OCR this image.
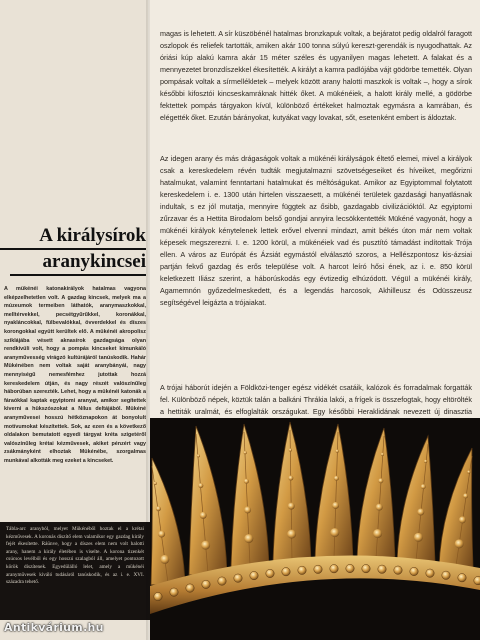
A királysírok
aranykincsei

A mükénéi katonakirályok hatalmas vagyona elképzelhetetlen volt. A gazdag kincsek, melyek ma a múzeumok termeiben láthatók, aranymaszkokkal, melltérvekkel, pecsétgyűrűkkel, koronákkal, nyakláncokkal, fülbevalókkal, övverdekkel és díszes korongokkal együtt kerültek elő. A mükénéi akropolisz sziklájába vésett aknasírok gazdagsága olyan rendkívüli volt, hogy a pompás kincseket kimunkáló aranyművesség virágzó kultúrájáról tanúskodik. Hahár Mükénében nem voltak saját aranybányái, nagy mennyiségű nemesfémhez jutottak hozzá kereskedelem útján, és nagy részét valószínűleg háborúban szerezték. Lehet, hogy a mükénéi katonák a fáraókkal kaptak egyiptomi aranyat, amikor segítettek kiverni a hükszószokat a Nílus deltájából. Mükéné aranyművesei hosszú hétköznapokon át bonyolult motívumokat készítettek. Sok, az ezen és a következő oldalakon bemutatott egyedi tárgyat kréta szigetéről valószínűleg krétai kézművesek, akiket pénzért vagy zsákmányként elhoztak Mükénébe, szorgalmas munkával alkották meg ezeket a kincseket.

Tábla-arc aranyból, melyet Mükénéből hoztak el a krétai kézművesek. A koronás díszítő elem valamikor egy gazdag király fejét ékesítette. Ráünve, hogy a díszes elem nem volt halotti arany, hanem a király életében is viselte. A korona tizenkét csúcsos levélből és egy hosszú szalagból áll, amelyet pontozott körök díszítenek. Egyedülálló lelet, amely a mükénéi aranyművesek kiváló tudásáról tanúskodik, és az i. e. XVI. századra tehető.

magas is lehetett. A sír küszöbénél hatalmas bronzkapuk voltak, a bejáratot pedig oldalról faragott oszlopok és reliefek tartották, amiken akár 100 tonna súlyú kereszt-gerendák is nyugodhattak. Az óriási kúp alakú kamra akár 15 méter széles és ugyanilyen magas lehetett. A falakat és a mennyezetet bronzdíszekkel ékesítették. A királyt a kamra padlójába vájt gödörbe temették. Olyan pompásak voltak a sírmellékletek – melyek között arany halotti maszkok is voltak –, hogy a sírok későbbi kifosztói kincseskamráknak hitték őket. A mükénéiek, a halott király mellé, a gödörbe fektettek pompás tárgyakon kívül, különböző értékeket halmoztak egymásra a kamrában, és elégették őket. Ezután bárányokat, kutyákat vagy lovakat, sőt, esetenként embert is áldoztak.

Az idegen arany és más drágaságok voltak a mükénéi királyságok éltető elemei, mivel a királyok csak a kereskedelem révén tudták megjutalmazni szövetségeseiket és híveiket, megőrizni hatalmukat, valamint fenntartani hatalmukat és méltóságukat. Amikor az Egyiptommal folytatott kereskedelem i. e. 1300 után hirtelen visszaesett, a mükénéi területek gazdasági hanyatlásnak indultak, s ez jól mutatja, mennyire függtek az ősibb, gazdagabb civilizációktól. Az egyiptomi zűrzavar és a Hettita Birodalom belső gondjai annyira lecsökkentették Mükéné vagyonát, hogy a mükénéi királyok kénytelenek lettek erővel elvenni mindazt, amit békés úton már nem voltak képesek megszerezni. I. e. 1200 körül, a mükénéiek vad és pusztító támadást indítottak Trója ellen. A város az Európát és Ázsiát egymástól elválasztó szoros, a Hellészpontosz kis-ázsiai partján fekvő gazdag és erős települése volt. A harcot leíró hősi ének, az i. e. 850 körül keletkezett Iliász szerint, a háborúskodás egy évtizedig elhúzódott. Végül a mükénéi király, Agamemnón győzedelmeskedett, és a legendás harcosok, Akhilleusz és Odüsszeusz segítségével leigázta a trójaiakat.

A trójai háborút idején a Földközi-tenger egész vidékét csatáik, kalózok és forradalmak forgatták fel. Különböző népek, köztük talán a balkáni Thrákia lakói, a frígek is összefogtak, hogy eltörölték a hettiták uralmát, és elfoglalták országukat. Egy későbbi Heraklidának nevezett új dinasztia

Antikvárium.hu
